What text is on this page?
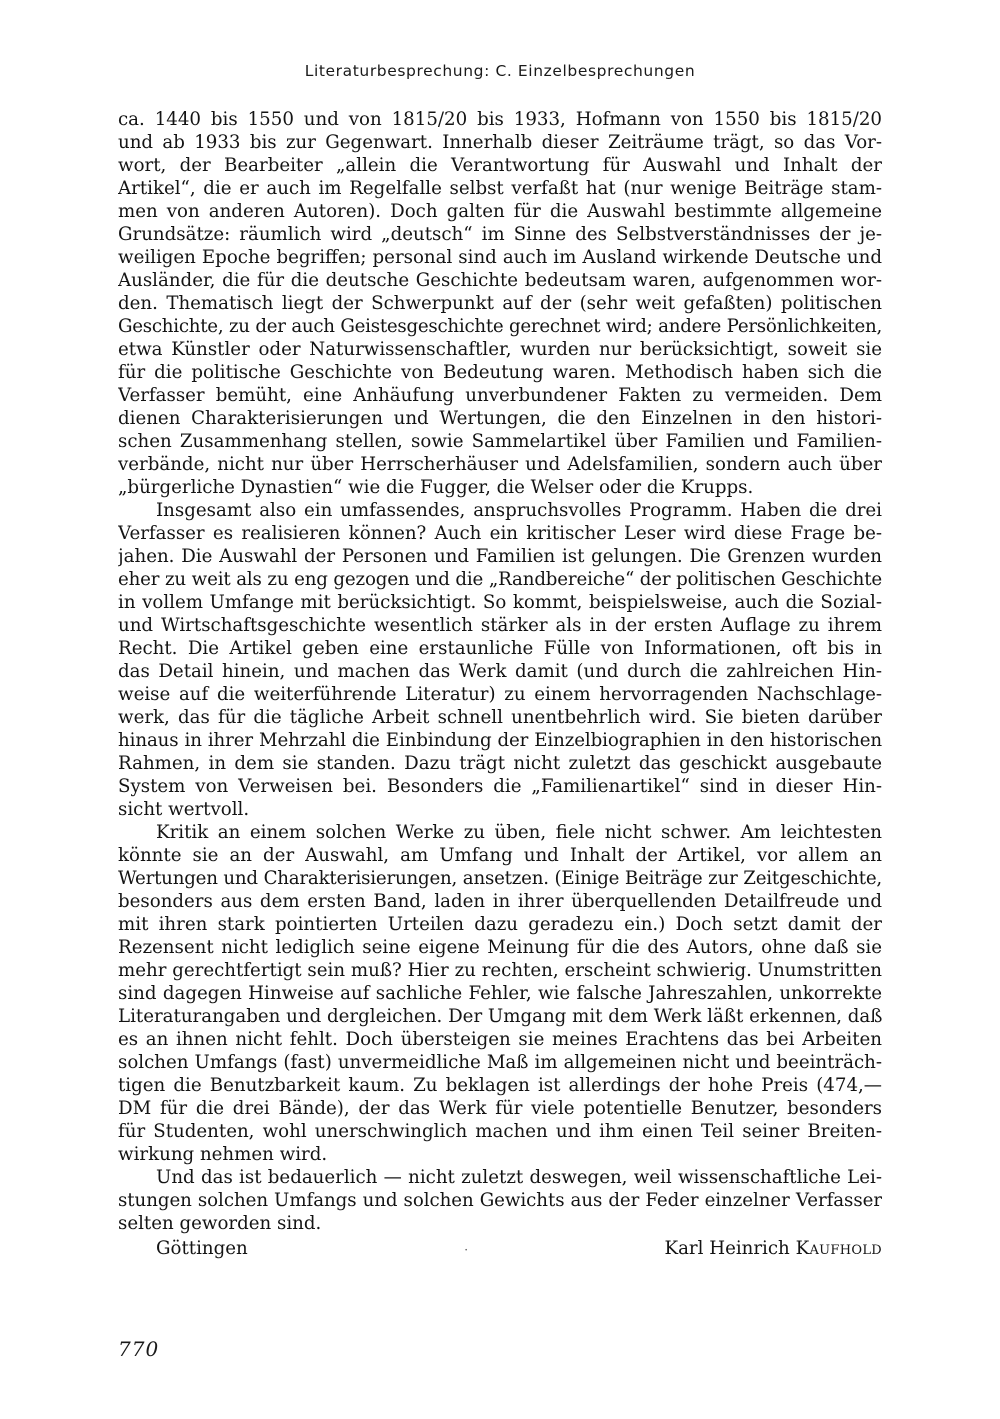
Literaturbesprechung: C. Einzelbesprechungen
ca. 1440 bis 1550 und von 1815/20 bis 1933, Hofmann von 1550 bis 1815/20
und ab 1933 bis zur Gegenwart. Innerhalb dieser Zeiträume trägt, so das Vor-
wort, der Bearbeiter „allein die Verantwortung für Auswahl und Inhalt der
Artikel“, die er auch im Regelfalle selbst verfaßt hat (nur wenige Beiträge stam-
men von anderen Autoren). Doch galten für die Auswahl bestimmte allgemeine
Grundsätze: räumlich wird „deutsch“ im Sinne des Selbstverständnisses der je-
weiligen Epoche begriffen; personal sind auch im Ausland wirkende Deutsche und
Ausländer, die für die deutsche Geschichte bedeutsam waren, aufgenommen wor-
den. Thematisch liegt der Schwerpunkt auf der (sehr weit gefaßten) politischen
Geschichte, zu der auch Geistesgeschichte gerechnet wird; andere Persönlichkeiten,
etwa Künstler oder Naturwissenschaftler, wurden nur berücksichtigt, soweit sie
für die politische Geschichte von Bedeutung waren. Methodisch haben sich die
Verfasser bemüht, eine Anhäufung unverbundener Fakten zu vermeiden. Dem
dienen Charakterisierungen und Wertungen, die den Einzelnen in den histori-
schen Zusammenhang stellen, sowie Sammelartikel über Familien und Familien-
verbände, nicht nur über Herrscherhäuser und Adelsfamilien, sondern auch über
„bürgerliche Dynastien“ wie die Fugger, die Welser oder die Krupps.
Insgesamt also ein umfassendes, anspruchsvolles Programm. Haben die drei
Verfasser es realisieren können? Auch ein kritischer Leser wird diese Frage be-
jahen. Die Auswahl der Personen und Familien ist gelungen. Die Grenzen wurden
eher zu weit als zu eng gezogen und die „Randbereiche“ der politischen Geschichte
in vollem Umfange mit berücksichtigt. So kommt, beispielsweise, auch die Sozial-
und Wirtschaftsgeschichte wesentlich stärker als in der ersten Auflage zu ihrem
Recht. Die Artikel geben eine erstaunliche Fülle von Informationen, oft bis in
das Detail hinein, und machen das Werk damit (und durch die zahlreichen Hin-
weise auf die weiterführende Literatur) zu einem hervorragenden Nachschlage-
werk, das für die tägliche Arbeit schnell unentbehrlich wird. Sie bieten darüber
hinaus in ihrer Mehrzahl die Einbindung der Einzelbiographien in den historischen
Rahmen, in dem sie standen. Dazu trägt nicht zuletzt das geschickt ausgebaute
System von Verweisen bei. Besonders die „Familienartikel“ sind in dieser Hin-
sicht wertvoll.
Kritik an einem solchen Werke zu üben, fiele nicht schwer. Am leichtesten
könnte sie an der Auswahl, am Umfang und Inhalt der Artikel, vor allem an
Wertungen und Charakterisierungen, ansetzen. (Einige Beiträge zur Zeitgeschichte,
besonders aus dem ersten Band, laden in ihrer überquellenden Detailfreude und
mit ihren stark pointierten Urteilen dazu geradezu ein.) Doch setzt damit der
Rezensent nicht lediglich seine eigene Meinung für die des Autors, ohne daß sie
mehr gerechtfertigt sein muß? Hier zu rechten, erscheint schwierig. Unumstritten
sind dagegen Hinweise auf sachliche Fehler, wie falsche Jahreszahlen, unkorrekte
Literaturangaben und dergleichen. Der Umgang mit dem Werk läßt erkennen, daß
es an ihnen nicht fehlt. Doch übersteigen sie meines Erachtens das bei Arbeiten
solchen Umfangs (fast) unvermeidliche Maß im allgemeinen nicht und beeinträch-
tigen die Benutzbarkeit kaum. Zu beklagen ist allerdings der hohe Preis (474,—
DM für die drei Bände), der das Werk für viele potentielle Benutzer, besonders
für Studenten, wohl unerschwinglich machen und ihm einen Teil seiner Breiten-
wirkung nehmen wird.
Und das ist bedauerlich — nicht zuletzt deswegen, weil wissenschaftliche Lei-
stungen solchen Umfangs und solchen Gewichts aus der Feder einzelner Verfasser
selten geworden sind.
Göttingen	·	Karl Heinrich Kaufhold
770
